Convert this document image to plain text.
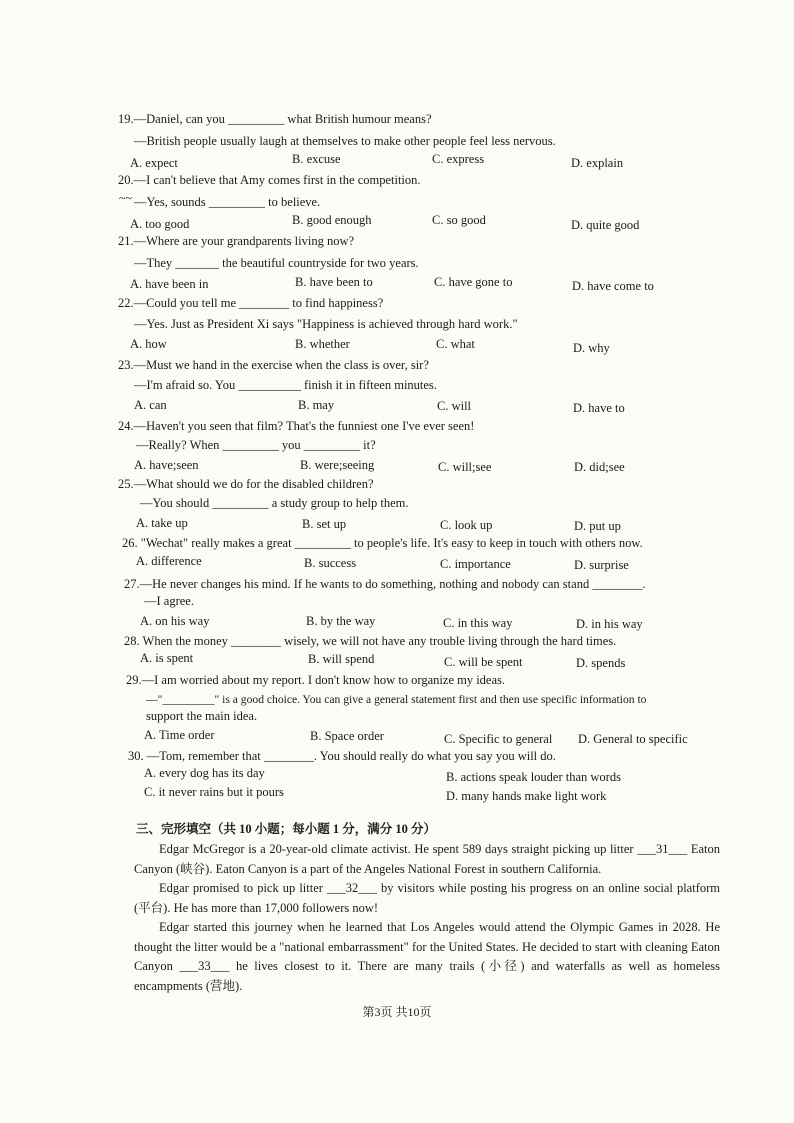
19.—Daniel, can you _________ what British humour means?
—British people usually laugh at themselves to make other people feel less nervous.
A. expect	B. excuse	C. express	D. explain
20.—I can't believe that Amy comes first in the competition.
~~ —Yes, sounds _________ to believe.
A. too good	B. good enough	C. so good	D. quite good
21.—Where are your grandparents living now?
—They _______ the beautiful countryside for two years.
A. have been in	B. have been to	C. have gone to	D. have come to
22.—Could you tell me ________ to find happiness?
—Yes. Just as President Xi says "Happiness is achieved through hard work."
A. how	B. whether	C. what	D. why
23.—Must we hand in the exercise when the class is over, sir?
—I'm afraid so. You __________ finish it in fifteen minutes.
A. can	B. may	C. will	D. have to
24.—Haven't you seen that film? That's the funniest one I've ever seen!
—Really? When _________ you _________ it?
A. have;seen	B. were;seeing	C. will;see	D. did;see
25.—What should we do for the disabled children?
—You should _________ a study group to help them.
A. take up	B. set up	C. look up	D. put up
26. "Wechat" really makes a great _________ to people's life. It's easy to keep in touch with others now.
A. difference	B. success	C. importance	D. surprise
27.—He never changes his mind. If he wants to do something, nothing and nobody can stand ________.
—I agree.
A. on his way	B. by the way	C. in this way	D. in his way
28. When the money ________ wisely, we will not have any trouble living through the hard times.
A. is spent	B. will spend	C. will be spent	D. spends
29.—I am worried about my report. I don't know how to organize my ideas.
—"_________" is a good choice. You can give a general statement first and then use specific information to
support the main idea.
A. Time order	B. Space order	C. Specific to general D. General to specific
30. —Tom, remember that ________. You should really do what you say you will do.
A. every dog has its day	B. actions speak louder than words
C. it never rains but it pours	D. many hands make light work
三、完形填空（共 10 小题；每小题 1 分，满分 10 分）
Edgar McGregor is a 20-year-old climate activist. He spent 589 days straight picking up litter ___31___ Eaton Canyon (峡谷). Eaton Canyon is a part of the Angeles National Forest in southern California.
Edgar promised to pick up litter ___32___ by visitors while posting his progress on an online social platform (平台). He has more than 17,000 followers now!
Edgar started this journey when he learned that Los Angeles would attend the Olympic Games in 2028. He thought the litter would be a "national embarrassment" for the United States. He decided to start with cleaning Eaton Canyon ___33___ he lives closest to it. There are many trails (小径) and waterfalls as well as homeless encampments (营地).
第3页 共10页
